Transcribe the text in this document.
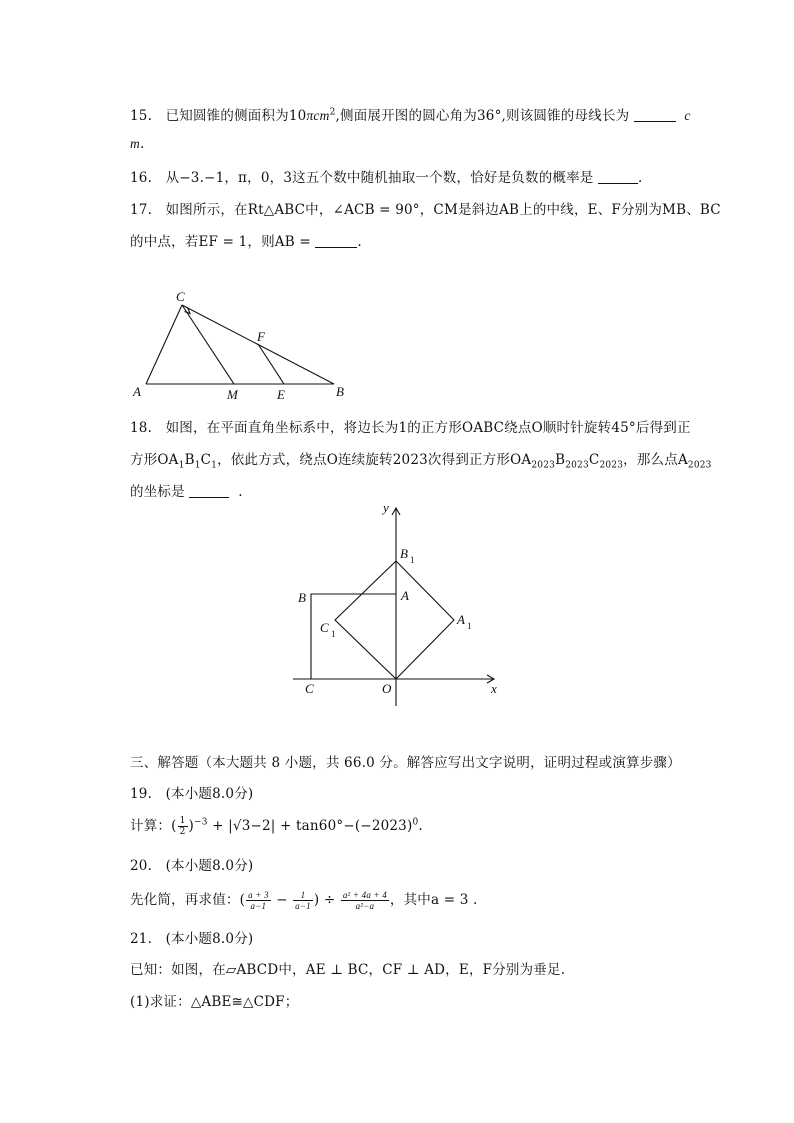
15. 已知圆锥的侧面积为10πcm$^2$,侧面展开图的圆心角为36°,则该圆锥的母线长为	c
m.
16. 从−3.−1，π，0，3这五个数中随机抽取一个数，恰好是负数的概率是	.
17. 如图所示，在Rt△ABC中，∠ACB = 90°，CM是斜边AB上的中线，E、F分别为MB、BC
的中点，若EF = 1，则AB =	.
C
F
A	M	E	B
18. 如图，在平面直角坐标系中，将边长为1的正方形OABC绕点O顺时针旋转45°后得到正
方形$OA_1B_1C_1$，依此方式，绕点O连续旋转2023次得到正方形$OA_{2023}B_{2023}C_{2023}$，那么点$A_{2023}$
的坐标是	.
y
x
B 1
A 1
C 1
B	A
C	O
三、解答题（本大题共 8 小题，共 66.0 分。解答应写出文字说明，证明过程或演算步骤）
19. (本小题8.0分)
计算：( $\frac{1}{2} )^{-3} + |√3-2| + \tan 60^\circ-(-2023)^0$.
20. (本小题8.0分)
先化简，再求值：( $\frac{a + 3}{a-1} - \frac{1}{a-1}$ ) ÷ $\frac{\text{a² + 4a + 4}}{\text{a²−a}}$ ，其中a = 3 .
21. (本小题8.0分)
已知：如图，在▱ABCD中，AE ⊥ BC，CF ⊥ AD，E，F分别为垂足.
(1)求证：△ABE≅△CDF；
